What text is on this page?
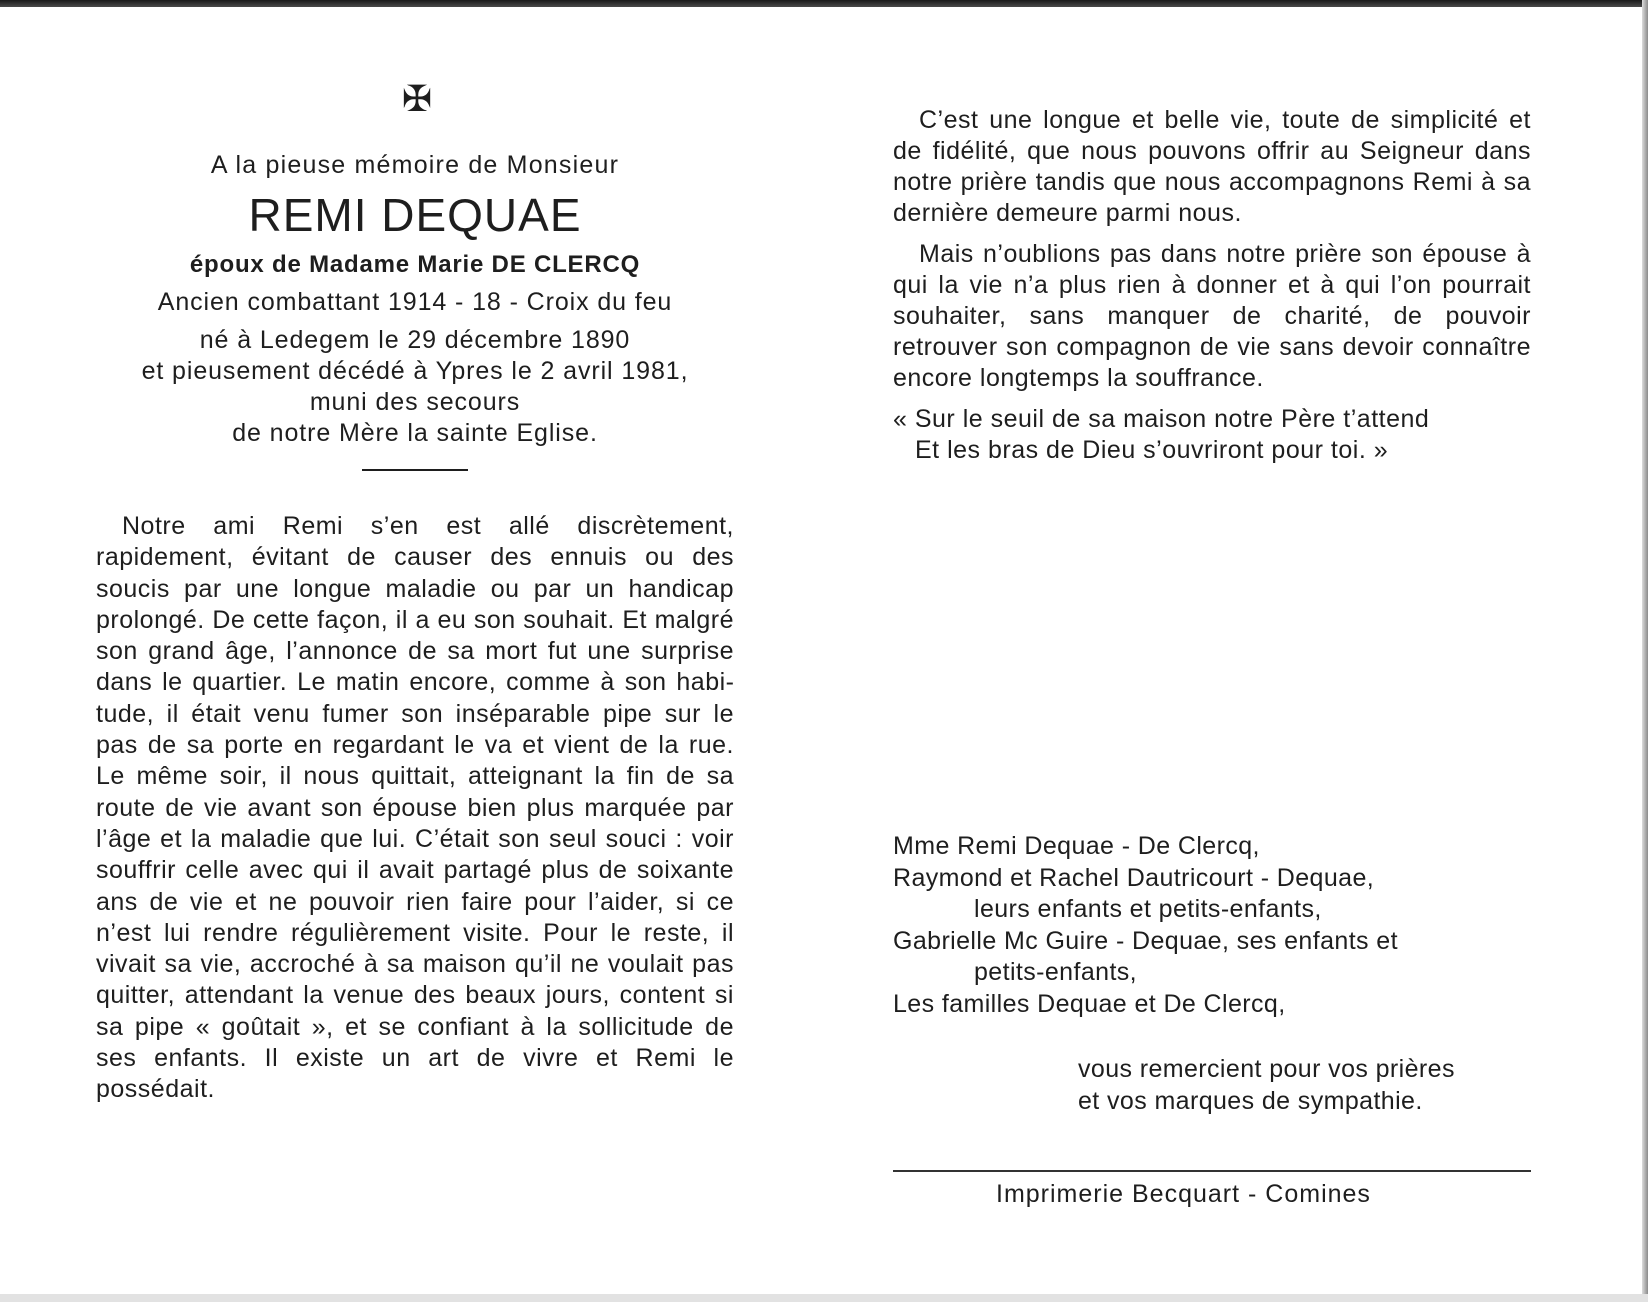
✠
A la pieuse mémoire de Monsieur
REMI DEQUAE
époux de Madame Marie DE CLERCQ
Ancien combattant 1914 - 18 - Croix du feu
né à Ledegem le 29 décembre 1890
et pieusement décédé à Ypres le 2 avril 1981,
muni des secours
de notre Mère la sainte Eglise.

Notre ami Remi s’en est allé discrètement, rapidement, évitant de causer des ennuis ou des soucis par une longue maladie ou par un handicap prolongé. De cette façon, il a eu son souhait. Et malgré son grand âge, l’annonce de sa mort fut une surprise dans le quartier. Le matin encore, comme à son habitude, il était venu fumer son inséparable pipe sur le pas de sa porte en regardant le va et vient de la rue. Le même soir, il nous quittait, atteignant la fin de sa route de vie avant son épouse bien plus marquée par l’âge et la maladie que lui. C’était son seul souci : voir souffrir celle avec qui il avait partagé plus de soixante ans de vie et ne pouvoir rien faire pour l’aider, si ce n’est lui rendre régulièrement visite. Pour le reste, il vivait sa vie, accroché à sa maison qu’il ne voulait pas quitter, attendant la venue des beaux jours, content si sa pipe « goûtait », et se confiant à la sollicitude de ses enfants. Il existe un art de vivre et Remi le possédait.

C’est une longue et belle vie, toute de simplicité et de fidélité, que nous pouvons offrir au Seigneur dans notre prière tandis que nous accompagnons Remi à sa dernière demeure parmi nous.

Mais n’oublions pas dans notre prière son épouse à qui la vie n’a plus rien à donner et à qui l’on pourrait souhaiter, sans manquer de charité, de pouvoir retrouver son compagnon de vie sans devoir connaître encore longtemps la souffrance.

« Sur le seuil de sa maison notre Père t’attend
Et les bras de Dieu s’ouvriront pour toi. »
Mme Remi Dequae - De Clercq,
Raymond et Rachel Dautricourt - Dequae,
leurs enfants et petits-enfants,
Gabrielle Mc Guire - Dequae, ses enfants et
petits-enfants,
Les familles Dequae et De Clercq,
vous remercient pour vos prières
et vos marques de sympathie.
Imprimerie Becquart - Comines
